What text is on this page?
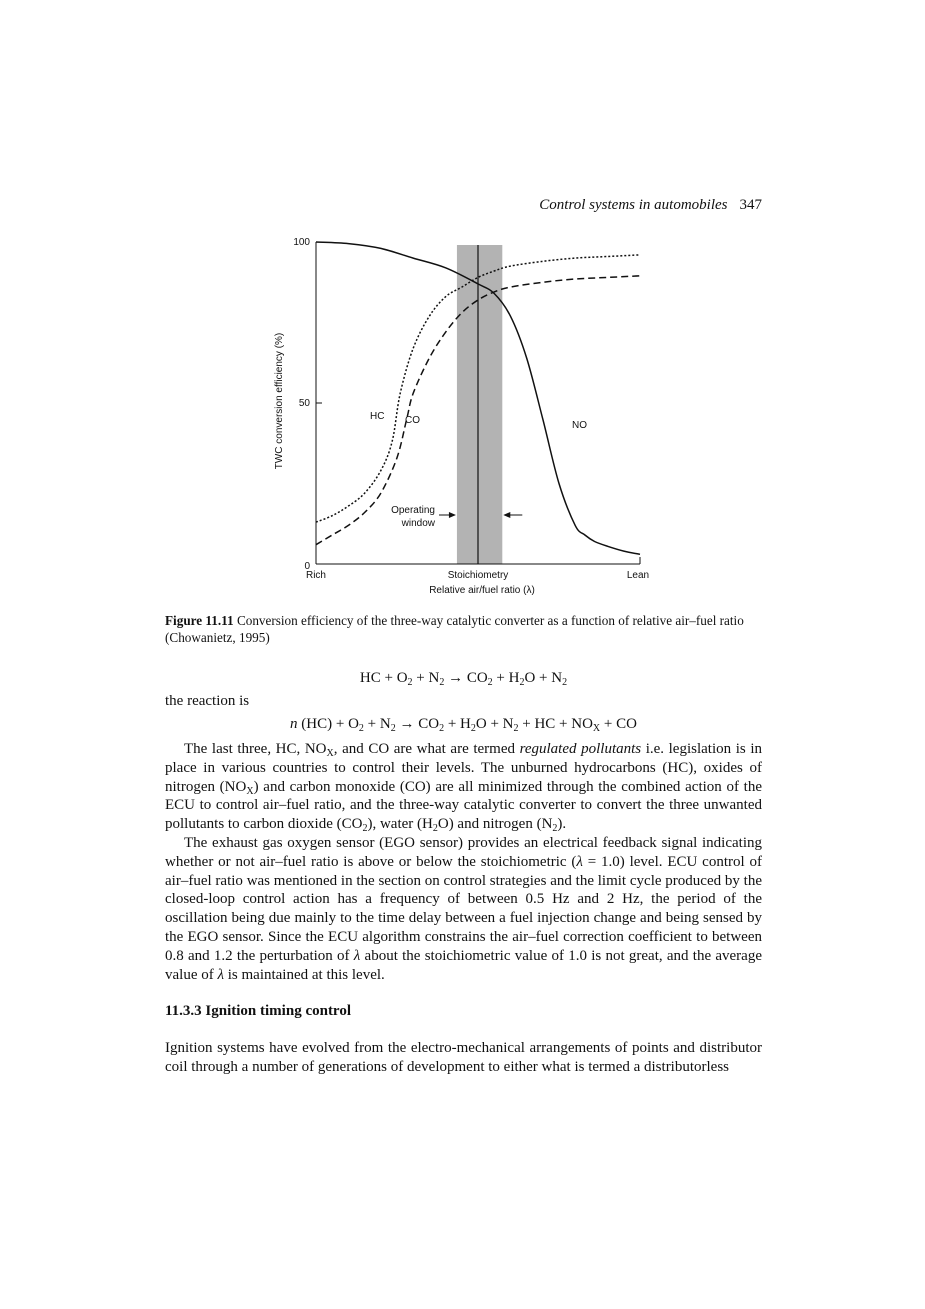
Control systems in automobiles 347
0
50
100
Rich	Stoichiometry	Lean
Relative air/fuel ratio (λ)
TWC conversion efficiency (%)	HC CO	NO
Operating
window
Figure 11.11 Conversion efficiency of the three-way catalytic converter as a function of relative air–fuel ratio (Chowanietz, 1995)
HC + $O_2 + N_2 \to CO_2 + H_2O + N_2$
the reaction is
n $(HC) + O_2 + N_2 \to CO_2 + H_2O + N_2$ + HC + $NO_X$ + CO

The last three, HC, $NO_X$, and CO are what are termed regulated pollutants i.e. legislation is in place in various countries to control their levels. The unburned hydrocarbons (HC), oxides of nitrogen $(NO_X)$ and carbon monoxide (CO) are all minimized through the combined action of the ECU to control air–fuel ratio, and the three-way catalytic converter to convert the three unwanted pollutants to carbon dioxide $(CO_2)$, water $(H_2O)$ and nitrogen $(N_2)$.

The exhaust gas oxygen sensor (EGO sensor) provides an electrical feedback signal indicating whether or not air–fuel ratio is above or below the stoichiometric (λ = 1.0) level. ECU control of air–fuel ratio was mentioned in the section on control strategies and the limit cycle produced by the closed-loop control action has a frequency of between 0.5 Hz and 2 Hz, the period of the oscillation being due mainly to the time delay between a fuel injection change and being sensed by the EGO sensor. Since the ECU algorithm constrains the air–fuel correction coefficient to between 0.8 and 1.2 the perturbation of λ about the stoichiometric value of 1.0 is not great, and the average value of λ is maintained at this level.

11.3.3 Ignition timing control

Ignition systems have evolved from the electro-mechanical arrangements of points and distributor coil through a number of generations of development to either what is termed a distributorless
